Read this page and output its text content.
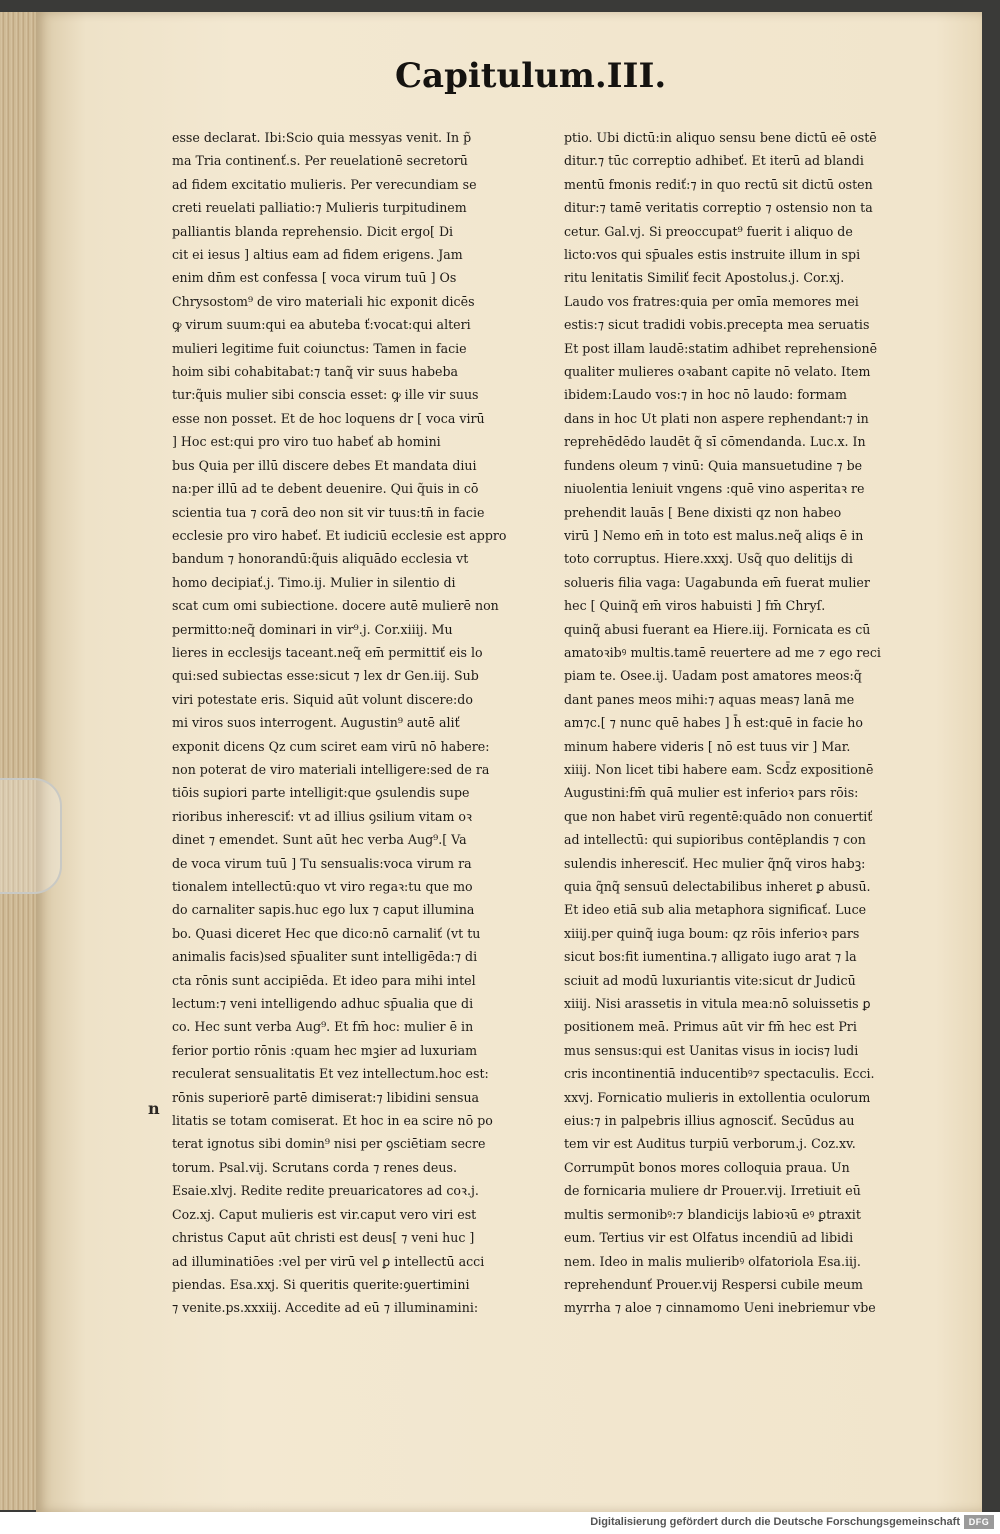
Capitulum.III.
esse declarat. Ibi:Scio quia messyas venit. In p̃
ma Tria continenť.s. Per reuelationē secretorū
ad fidem excitatio mulieris. Per verecundiam se
creti reuelati palliatio:⁊ Mulieris turpitudinem
palliantis blanda reprehensio. Dicit ergo[ Di
cit ei iesus ] altius eam ad fidem erigens. Jam
enim dn̄m est confessa [ voca virum tuū ] Os
Chrysostom⁹ de viro materiali hic exponit dicēs
ꝙ virum suum:qui ea abuteba ť:vocat:qui alteri
mulieri legitime fuit coiunctus: Tamen in facie
hoim sibi cohabitabat:⁊ tanq̃ vir suus habeba
tur:q̃uis mulier sibi conscia esset: ꝙ ille vir suus
esse non posset. Et de hoc loquens dr [ voca virū
] Hoc est:qui pro viro tuo habeť ab homini
bus Quia per illū discere debes Et mandata diui
na:per illū ad te debent deuenire. Qui q̃uis in cō
scientia tua ⁊ corā deo non sit vir tuus:tn̄ in facie
ecclesie pro viro habeť. Et iudiciū ecclesie est appro
bandum ⁊ honorandū:q̃uis aliquādo ecclesia vt
homo decipiať.j. Timo.ij. Mulier in silentio di
scat cum omi subiectione. docere autē mulierē non
permitto:neq̃ dominari in vir⁹.j. Cor.xiiij. Mu
lieres in ecclesijs taceant.neq̃ em̄ permittiť eis lo
qui:sed subiectas esse:sicut ⁊ lex dr Gen.iij. Sub
viri potestate eris. Siquid aūt volunt discere:do
mi viros suos interrogent. Augustin⁹ autē aliť
exponit dicens Qz cum sciret eam virū nō habere:
non poterat de viro materiali intelligere:sed de ra
tiōis suꝑiori parte intelligit:que ꝯsulendis supe
rioribus inheresciť: vt ad illius ꝯsilium vitam oꝛ
dinet ⁊ emendet. Sunt aūt hec verba Aug⁹.[ Va
de voca virum tuū ] Tu sensualis:voca virum ra
tionalem intellectū:quo vt viro regaꝛ:tu que mo
do carnaliter sapis.huc ego lux ⁊ caput illumina
bo. Quasi diceret Hec que dico:nō carnaliť (vt tu
animalis facis)sed sp̄ualiter sunt intelligēda:⁊ di
cta rōnis sunt accipiēda. Et ideo para mihi intel
lectum:⁊ veni intelligendo adhuc sp̄ualia que di
co. Hec sunt verba Aug⁹. Et fm̄ hoc: mulier ē in
ferior portio rōnis :quam hec mꝫier ad luxuriam
reculerat sensualitatis Et vez intellectum.hoc est:
rōnis superiorē partē dimiserat:⁊ libidini sensua
litatis se totam comiserat. Et hoc in ea scire nō po
terat ignotus sibi domin⁹ nisi per ꝯsciētiam secre
torum. Psal.vij. Scrutans corda ⁊ renes deus.
Esaie.xlvj. Redite redite preuaricatores ad coꝛ.j.
Coz.xj. Caput mulieris est vir.caput vero viri est
christus Caput aūt christi est deus[ ⁊ veni huc ]
ad illuminatiōes :vel per virū vel ꝑ intellectū acci
piendas. Esa.xxj. Si queritis querite:ꝯuertimini
⁊ venite.ps.xxxiij. Accedite ad eū ⁊ illuminamini:
ptio. Ubi dictū:in aliquo sensu bene dictū eē ostē
ditur.⁊ tūc correptio adhibeť. Et iterū ad blandi
mentū fmonis rediť:⁊ in quo rectū sit dictū osten
ditur:⁊ tamē veritatis correptio ⁊ ostensio non ta
cetur. Gal.vj. Si preoccupat⁹ fuerit i aliquo de
licto:vos qui sp̄uales estis instruite illum in spi
ritu lenitatis Similiť fecit Apostolus.j. Cor.xj.
Laudo vos fratres:quia per omīa memores mei
estis:⁊ sicut tradidi vobis.precepta mea seruatis
Et post illam laudē:statim adhibet reprehensionē
qualiter mulieres oꝛabant capite nō velato. Item
ibidem:Laudo vos:⁊ in hoc nō laudo: formam
dans in hoc Ut plati non aspere rephendant:⁊ in
reprehēdēdo laudēt q̃ sī cōmendanda. Luc.x. In
fundens oleum ⁊ vinū: Quia mansuetudine ⁊ be
niuolentia leniuit vngens :quē vino asperitaꝛ re
prehendit lauās [ Bene dixisti qz non habeo
virū ] Nemo em̄ in toto est malus.neq̃ aliqs ē in
toto corruptus. Hiere.xxxj. Usq̃ quo delitijs di
solueris filia vaga: Uagabunda em̄ fuerat mulier
hec [ Quinq̃ em̄ viros habuisti ] fm̄ Chryſ.
quinq̃ abusi fuerant ea Hiere.iij. Fornicata es cū
amatoꝛibꝰ multis.tamē reuertere ad me ⁊ ego reci
piam te. Osee.ij. Uadam post amatores meos:q̃
dant panes meos mihi:⁊ aquas meas⁊ lanā me
am⁊c.[ ⁊ nunc quē habes ] h̄ est:quē in facie ho
minum habere videris [ nō est tuus vir ] Mar.
xiiij. Non licet tibi habere eam. Scd̄z expositionē
Augustini:fm̄ quā mulier est inferioꝛ pars rōis:
que non habet virū regentē:quādo non conuertiť
ad intellectū: qui supioribus contēplandis ⁊ con
sulendis inheresciť. Hec mulier q̃nq̃ viros habꝫ:
quia q̃nq̃ sensuū delectabilibus inheret ꝑ abusū.
Et ideo etiā sub alia metaphora significať. Luce
xiiij.per quinq̃ iuga boum: qz rōis inferioꝛ pars
sicut bos:fit iumentina.⁊ alligato iugo arat ⁊ la
sciuit ad modū luxuriantis vite:sicut dr Judicū
xiiij. Nisi arassetis in vitula mea:nō soluissetis ꝑ
positionem meā. Primus aūt vir fm̄ hec est Pri
mus sensus:qui est Uanitas visus in iocis⁊ ludi
cris incontinentiā inducentibꝰ⁊ spectaculis. Ecci.
xxvj. Fornicatio mulieris in extollentia oculorum
eius:⁊ in palpebris illius agnosciť. Secūdus au
tem vir est Auditus turpiū verborum.j. Coz.xv.
Corrumpūt bonos mores colloquia praua. Un
de fornicaria muliere dr Prouer.vij. Irretiuit eū
multis sermonibꝰ:⁊ blandicijs labioꝛū eꝰ ꝑtraxit
eum. Tertius vir est Olfatus incendiū ad libidi
nem. Ideo in malis mulieribꝰ olfatoriola Esa.iij.
reprehendunť Prouer.vij Respersi cubile meum
myrrha ⁊ aloe ⁊ cinnamomo Ueni inebriemur vbe
n
Digitalisierung gefördert durch die Deutsche Forschungsgemeinschaft DFG
